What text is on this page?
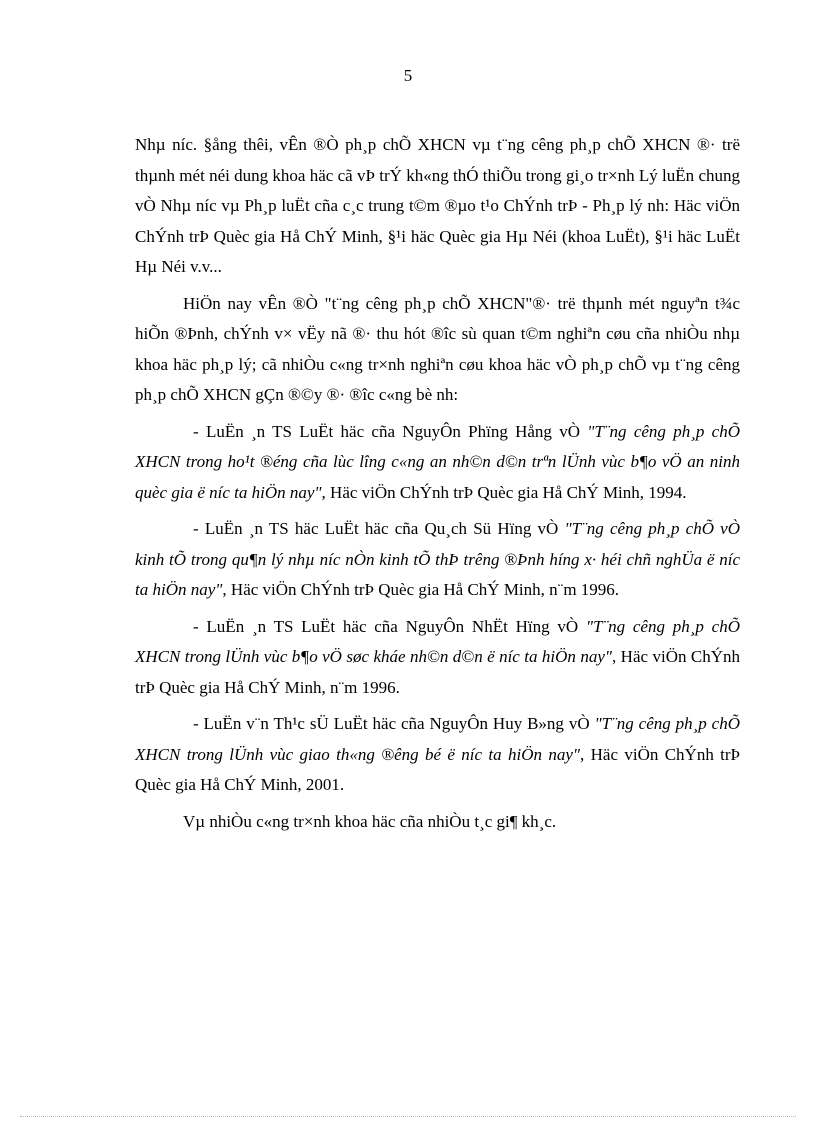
5

Nhµ níc. §ång thêi, vÊn ®Ò ph¸p chÕ XHCN vµ t¨ng cêng ph¸p chÕ XHCN ®· trë thµnh mét néi dung khoa häc cã vÞ trÝ kh«ng thÓ thiÕu trong gi¸o tr×nh Lý luËn chung vÒ Nhµ níc vµ Ph¸p luËt cña c¸c trung t©m ®µo t¹o ChÝnh trÞ - Ph¸p lý nh: Häc viÖn ChÝnh trÞ Quèc gia Hå ChÝ Minh, §¹i häc Quèc gia Hµ Néi (khoa LuËt), §¹i häc LuËt Hµ Néi v.v...

HiÖn nay vÊn ®Ò "t¨ng cêng ph¸p chÕ XHCN"®· trë thµnh mét nguyªn t¾c hiÕn ®Þnh, chÝnh v× vËy nã ®· thu hót ®îc sù quan t©m nghiªn cøu cña nhiÒu nhµ khoa häc ph¸p lý; cã nhiÒu c«ng tr×nh nghiªn cøu khoa häc vÒ ph¸p chÕ vµ t¨ng cêng ph¸p chÕ XHCN gÇn ®©y ®· ®îc c«ng bè nh:

- LuËn ¸n TS LuËt häc cña NguyÔn Phïng Hång vÒ "T¨ng cêng ph¸p chÕ XHCN trong ho¹t ®éng cña lùc lîng c«ng an nh©n d©n trªn lÜnh vùc b¶o vÖ an ninh quèc gia ë níc ta hiÖn nay", Häc viÖn ChÝnh trÞ Quèc gia Hå ChÝ Minh, 1994.

- LuËn ¸n TS häc LuËt häc cña Qu¸ch Sü Hïng vÒ "T¨ng cêng ph¸p chÕ vÒ kinh tÕ trong qu¶n lý nhµ níc nÒn kinh tÕ thÞ trêng ®Þnh híng x· héi chñ nghÜa ë níc ta hiÖn nay", Häc viÖn ChÝnh trÞ Quèc gia Hå ChÝ Minh, n¨m 1996.

- LuËn ¸n TS LuËt häc cña NguyÔn NhËt Hïng vÒ "T¨ng cêng ph¸p chÕ XHCN trong lÜnh vùc b¶o vÖ søc kháe nh©n d©n ë níc ta hiÖn nay", Häc viÖn ChÝnh trÞ Quèc gia Hå ChÝ Minh, n¨m 1996.

- LuËn v¨n Th¹c sÜ LuËt häc cña NguyÔn Huy B»ng vÒ "T¨ng cêng ph¸p chÕ XHCN trong lÜnh vùc giao th«ng ®êng bé ë níc ta hiÖn nay", Häc viÖn ChÝnh trÞ Quèc gia Hå ChÝ Minh, 2001.

Vµ nhiÒu c«ng tr×nh khoa häc cña nhiÒu t¸c gi¶ kh¸c.
